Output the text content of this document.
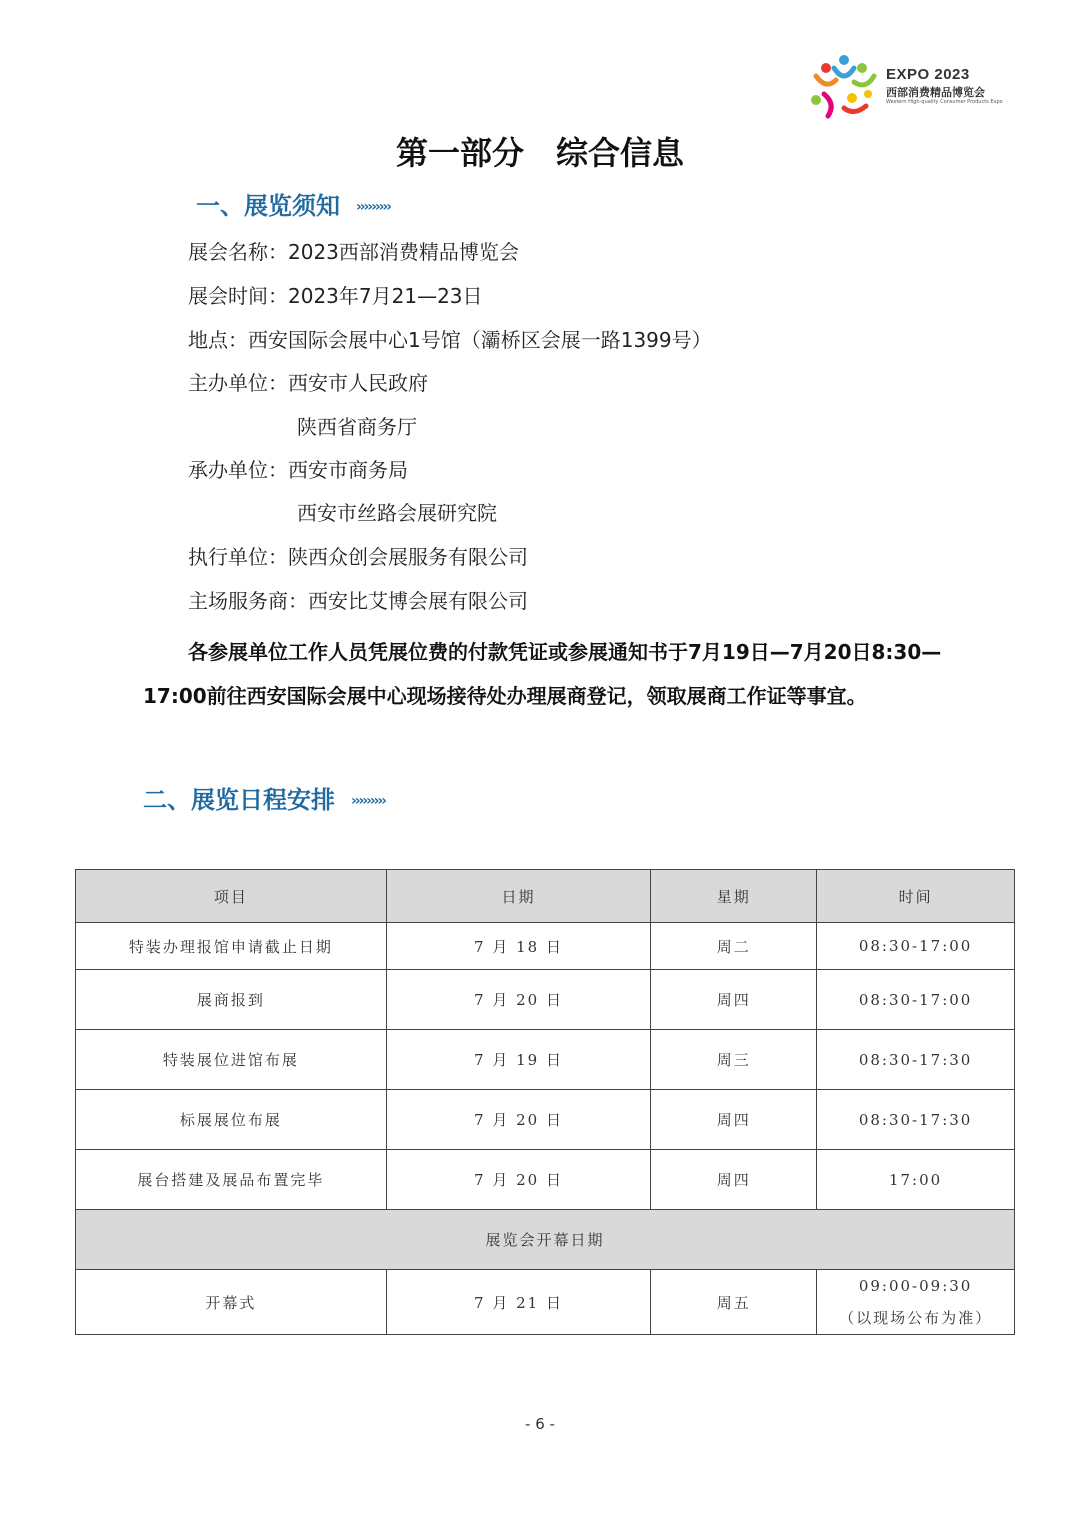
EXPO 2023
西部消费精品博览会
Western High-quality Consumer Products Expo
第一部分　综合信息
一、展览须知 ›››››››››
展会名称：2023西部消费精品博览会
展会时间：2023年7月21—23日
地点：西安国际会展中心1号馆（灞桥区会展一路1399号）
主办单位：西安市人民政府
陕西省商务厅
承办单位：西安市商务局
西安市丝路会展研究院
执行单位：陕西众创会展服务有限公司
主场服务商：西安比艾博会展有限公司
各参展单位工作人员凭展位费的付款凭证或参展通知书于7月19日—7月20日8:30—17:00前往西安国际会展中心现场接待处办理展商登记，领取展商工作证等事宜。
二、展览日程安排 ›››››››››
项目	日期	星期	时间
特装办理报馆申请截止日期	7 月 18 日	周二	08:30-17:00
展商报到	7 月 20 日	周四	08:30-17:00
特装展位进馆布展	7 月 19 日	周三	08:30-17:30
标展展位布展	7 月 20 日	周四	08:30-17:30
展台搭建及展品布置完毕	7 月 20 日	周四	17:00
展览会开幕日期			
开幕式	7 月 21 日	周五	09:00-09:30
（以现场公布为准）
- 6 -
